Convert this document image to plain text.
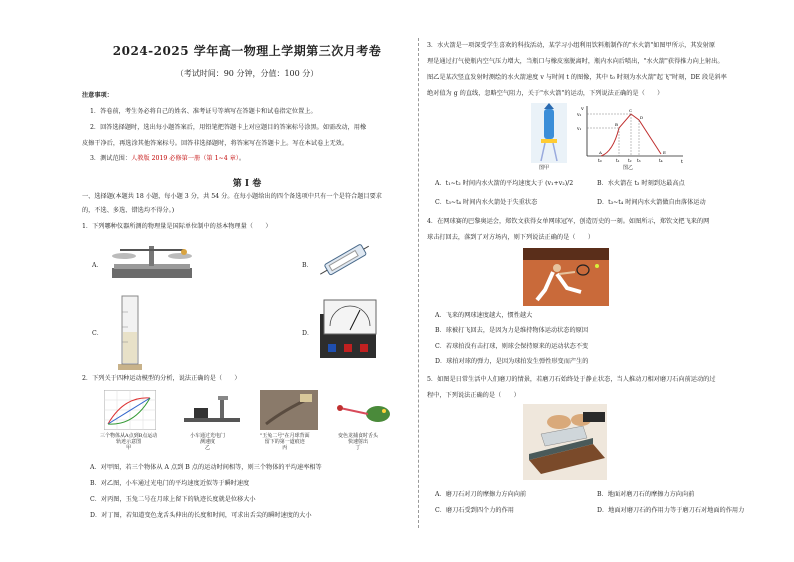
2024-2025 学年高一物理上学期第三次月考卷
（考试时间：90 分钟，分值：100 分）
注意事项：
1．答卷前，考生务必将自己的姓名、准考证号等填写在答题卡和试卷指定位置上。
2．回答选择题时，选出每小题答案后，用铅笔把答题卡上对应题目的答案标号涂黑。如需改动，用橡
皮擦干净后，再选涂其他答案标号。回答非选择题时，将答案写在答题卡上。写在本试卷上无效。
3．测试范围：人教版 2019 必修第一册（第 1~4 章）。
第 I 卷
一、选择题(本题共 18 小题，每小题 3 分，共 54 分。在每小题给出的四个备选项中只有一个是符合题目要求
的，不选、多选、错选均不得分。)
1．下列哪种仪器所测的物理量是国际单位制中的基本物理量（　　）
A．	B．
C．	D．
2．下列关于四种运动模型的分析，说法正确的是（　　）
三个物体从A点到B点运动
轨迹示意图
甲
小车通过光电门
测速度
乙
"玉兔二号"在月球背面
留下的第一道痕迹
丙
变色龙捕食时舌头
快速射出
丁
A．对甲图，若三个物体从 A 点到 B 点的运动时间相等，则三个物体的平均速率相等
B．对乙图，小车通过光电门的平均速度近似等于瞬时速度
C．对丙图，玉兔二号在月球上留下的轨迹长度就是位移大小
D．对丁图，若知道变色龙舌头伸出的长度和时间，可求出舌尖的瞬时速度的大小
3．水火箭是一项深受学生喜欢的科技活动，某学习小组利用饮料瓶制作的"水火箭"如图甲所示，其发射原
理是通过打气使瓶内空气压力增大，当瓶口与橡皮塞脱离时，瓶内水向后喷出，"水火箭"获得推力向上射出。
图乙是某次竖直发射时测绘的水火箭速度 v 与时间 t 的图像，其中 t₀ 时刻为水火箭"起飞"时刻，DE 段是斜率
绝对值为 g 的直线，忽略空气阻力，关于"水火箭"的运动，下列说法正确的是（　　）
图甲
t
v
v₁
v₂
t₀	t₁ t₂ t₃	t₄
A
B
C
D
E
图乙
A．t₁~t₂ 时间内水火箭的平均速度大于 (v₁+v₂)/2	B．水火箭在 t₃ 时刻到达最高点
C．t₃~t₄ 时间内水火箭处于失重状态	D．t₃~t₄ 时间内水火箭做自由落体运动
4．在网球赛的巴黎奥运会，郑钦文获得女单网球冠军，创造历史的一刻。如图所示，郑钦文把飞来的网
球击打回去，落到了对方场内，则下列说法正确的是（　　）
A．飞来的网球速度越大，惯性越大
B．球被打飞回去，是因为力是维持物体运动状态的原因
C．若球拍没有击打球，则球会保持原来的运动状态不变
D．球拍对球的弹力，是因为球拍发生弹性形变而产生的
5．如图是日常生活中人们磨刀的情景，若磨刀石始终处于静止状态，当人推动刀相对磨刀石向前运动的过
程中，下列说法正确的是（　　）
A．磨刀石对刀的摩擦力方向向前	B．地面对磨刀石的摩擦力方向向前
C．磨刀石受到四个力的作用	D．地面对磨刀石的作用力等于磨刀石对地面的作用力
